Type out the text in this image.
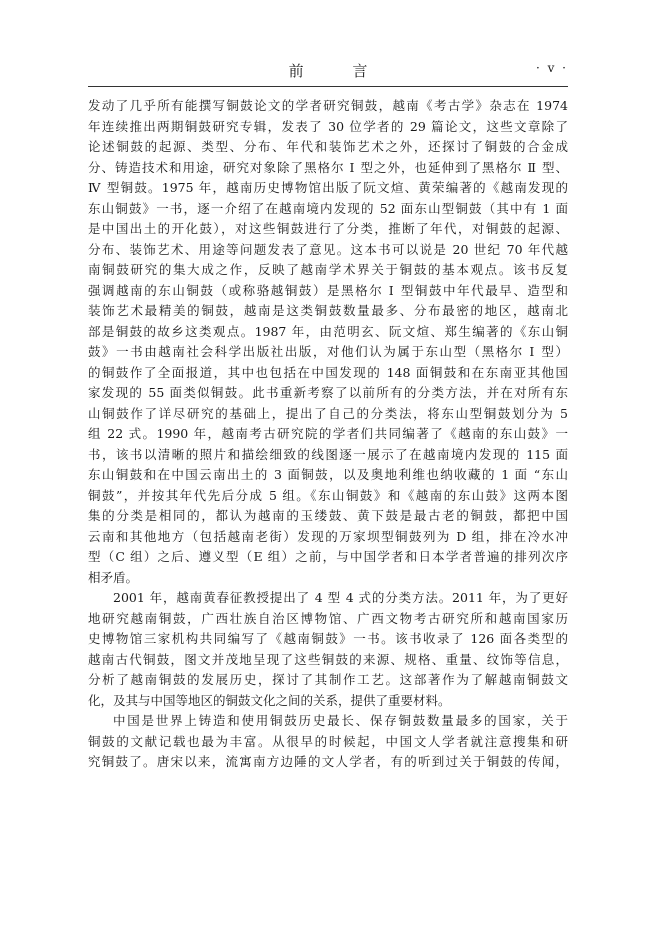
前 言	· v ·
发动了几乎所有能撰写铜鼓论文的学者研究铜鼓，越南《考古学》杂志在 1974
年连续推出两期铜鼓研究专辑，发表了 30 位学者的 29 篇论文，这些文章除了
论述铜鼓的起源、类型、分布、年代和装饰艺术之外，还探讨了铜鼓的合金成
分、铸造技术和用途，研究对象除了黑格尔 Ⅰ 型之外，也延伸到了黑格尔 Ⅱ 型、
Ⅳ 型铜鼓。1975 年，越南历史博物馆出版了阮文煊、黄荣编著的《越南发现的
东山铜鼓》一书，逐一介绍了在越南境内发现的 52 面东山型铜鼓（其中有 1 面
是中国出土的开化鼓），对这些铜鼓进行了分类，推断了年代，对铜鼓的起源、
分布、装饰艺术、用途等问题发表了意见。这本书可以说是 20 世纪 70 年代越
南铜鼓研究的集大成之作，反映了越南学术界关于铜鼓的基本观点。该书反复
强调越南的东山铜鼓（或称骆越铜鼓）是黑格尔 Ⅰ 型铜鼓中年代最早、造型和
装饰艺术最精美的铜鼓，越南是这类铜鼓数量最多、分布最密的地区，越南北
部是铜鼓的故乡这类观点。1987 年，由范明玄、阮文煊、郑生编著的《东山铜
鼓》一书由越南社会科学出版社出版，对他们认为属于东山型（黑格尔 Ⅰ 型）
的铜鼓作了全面报道，其中也包括在中国发现的 148 面铜鼓和在东南亚其他国
家发现的 55 面类似铜鼓。此书重新考察了以前所有的分类方法，并在对所有东
山铜鼓作了详尽研究的基础上，提出了自己的分类法，将东山型铜鼓划分为 5
组 22 式。1990 年，越南考古研究院的学者们共同编著了《越南的东山鼓》一
书，该书以清晰的照片和描绘细致的线图逐一展示了在越南境内发现的 115 面
东山铜鼓和在中国云南出土的 3 面铜鼓，以及奥地利维也纳收藏的 1 面 “东山
铜鼓”，并按其年代先后分成 5 组。《东山铜鼓》和《越南的东山鼓》这两本图
集的分类是相同的，都认为越南的玉缕鼓、黄下鼓是最古老的铜鼓，都把中国
云南和其他地方（包括越南老街）发现的万家坝型铜鼓列为 D 组，排在冷水冲
型（C 组）之后、遵义型（E 组）之前，与中国学者和日本学者普遍的排列次序
相矛盾。
2001 年，越南黄春征教授提出了 4 型 4 式的分类方法。2011 年，为了更好
地研究越南铜鼓，广西壮族自治区博物馆、广西文物考古研究所和越南国家历
史博物馆三家机构共同编写了《越南铜鼓》一书。该书收录了 126 面各类型的
越南古代铜鼓，图文并茂地呈现了这些铜鼓的来源、规格、重量、纹饰等信息，
分析了越南铜鼓的发展历史，探讨了其制作工艺。这部著作为了解越南铜鼓文
化，及其与中国等地区的铜鼓文化之间的关系，提供了重要材料。
中国是世界上铸造和使用铜鼓历史最长、保存铜鼓数量最多的国家，关于
铜鼓的文献记载也最为丰富。从很早的时候起，中国文人学者就注意搜集和研
究铜鼓了。唐宋以来，流寓南方边陲的文人学者，有的听到过关于铜鼓的传闻，
